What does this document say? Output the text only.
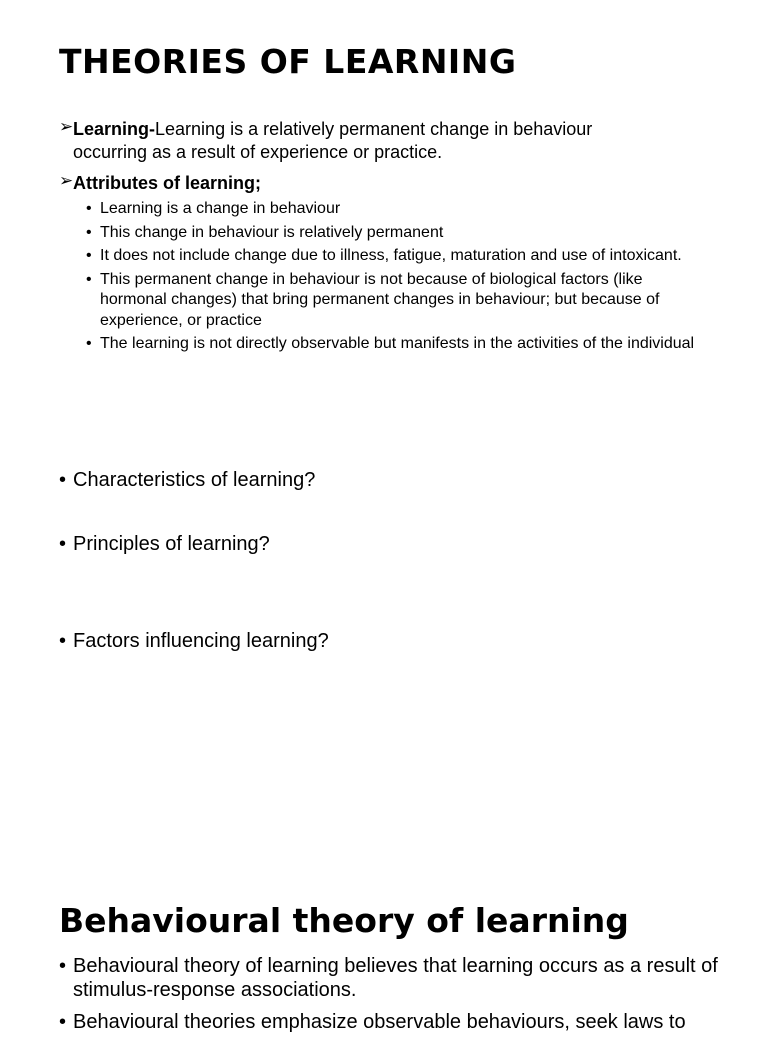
THEORIES OF LEARNING
➢ Learning-Learning is a relatively permanent change in behaviour
occurring as a result of experience or practice.
➢ Attributes of learning;
• Learning is a change in behaviour
• This change in behaviour is relatively permanent
• It does not include change due to illness, fatigue, maturation and use of intoxicant.
• This permanent change in behaviour is not because of biological factors (like hormonal changes) that bring permanent changes in behaviour; but because of experience, or practice
• The learning is not directly observable but manifests in the activities of the individual
• Characteristics of learning?
• Principles of learning?
• Factors influencing learning?
Behavioural theory of learning
• Behavioural theory of learning believes that learning occurs as a result of stimulus-response associations.
• Behavioural theories emphasize observable behaviours, seek laws to
